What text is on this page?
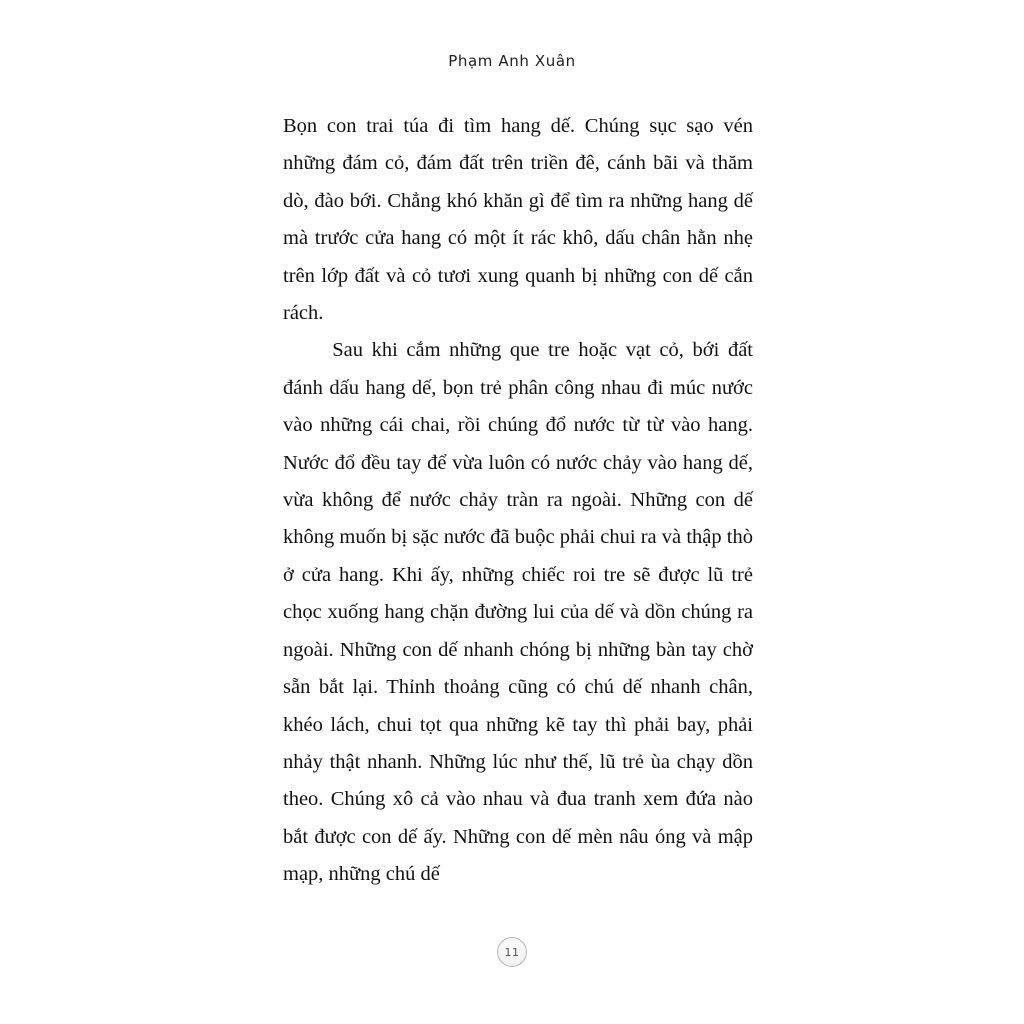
Phạm Anh Xuân

Bọn con trai túa đi tìm hang dế. Chúng sục sạo vén những đám cỏ, đám đất trên triền đê, cánh bãi và thăm dò, đào bới. Chẳng khó khăn gì để tìm ra những hang dế mà trước cửa hang có một ít rác khô, dấu chân hằn nhẹ trên lớp đất và cỏ tươi xung quanh bị những con dế cắn rách.

Sau khi cắm những que tre hoặc vạt cỏ, bới đất đánh dấu hang dế, bọn trẻ phân công nhau đi múc nước vào những cái chai, rồi chúng đổ nước từ từ vào hang. Nước đổ đều tay để vừa luôn có nước chảy vào hang dế, vừa không để nước chảy tràn ra ngoài. Những con dế không muốn bị sặc nước đã buộc phải chui ra và thập thò ở cửa hang. Khi ấy, những chiếc roi tre sẽ được lũ trẻ chọc xuống hang chặn đường lui của dế và dồn chúng ra ngoài. Những con dế nhanh chóng bị những bàn tay chờ sẵn bắt lại. Thỉnh thoảng cũng có chú dế nhanh chân, khéo lách, chui tọt qua những kẽ tay thì phải bay, phải nhảy thật nhanh. Những lúc như thế, lũ trẻ ùa chạy dồn theo. Chúng xô cả vào nhau và đua tranh xem đứa nào bắt được con dế ấy. Những con dế mèn nâu óng và mập mạp, những chú dế

11
